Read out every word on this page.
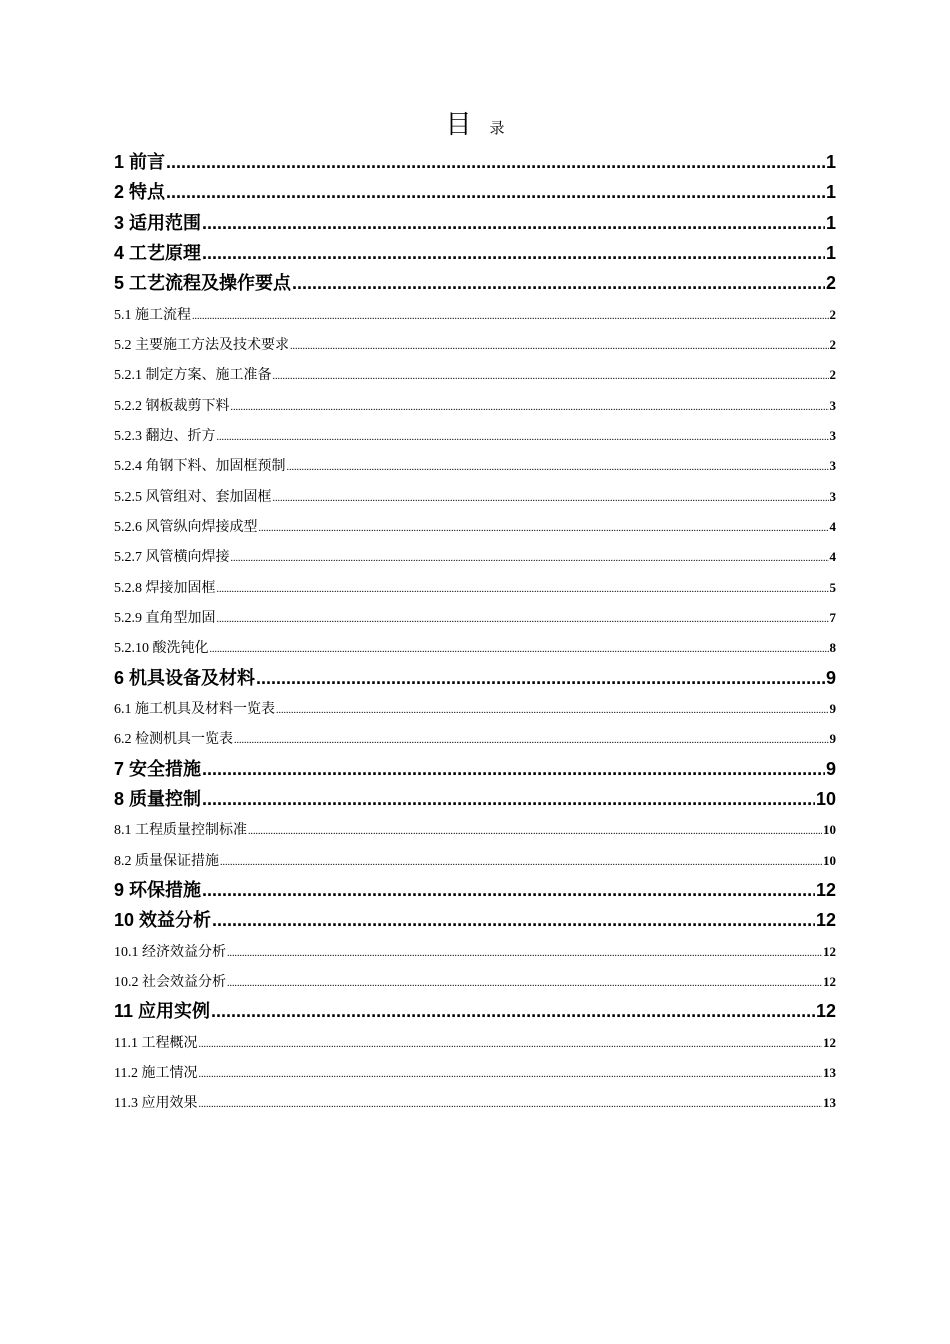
目 录
1 前言 .....	1
2 特点 .....	1
3 适用范围 .....	1
4 工艺原理 .....	1
5 工艺流程及操作要点 .....	2
5.1 施工流程 .....	2
5.2 主要施工方法及技术要求 .....	2
5.2.1 制定方案、施工准备 .....	2
5.2.2 钢板裁剪下料 .....	3
5.2.3 翻边、折方 .....	3
5.2.4 角钢下料、加固框预制 .....	3
5.2.5 风管组对、套加固框 .....	3
5.2.6 风管纵向焊接成型 .....	4
5.2.7 风管横向焊接 .....	4
5.2.8 焊接加固框 .....	5
5.2.9 直角型加固 .....	7
5.2.10 酸洗钝化 .....	8
6 机具设备及材料 .....	9
6.1 施工机具及材料一览表 .....	9
6.2 检测机具一览表 .....	9
7 安全措施 .....	9
8 质量控制 .....	10
8.1 工程质量控制标准 .....	10
8.2 质量保证措施 .....	10
9 环保措施 .....	12
10 效益分析 .....	12
10.1 经济效益分析 .....	12
10.2 社会效益分析 .....	12
11 应用实例 .....	12
11.1 工程概况 .....	12
11.2 施工情况 .....	13
11.3 应用效果 .....	13
